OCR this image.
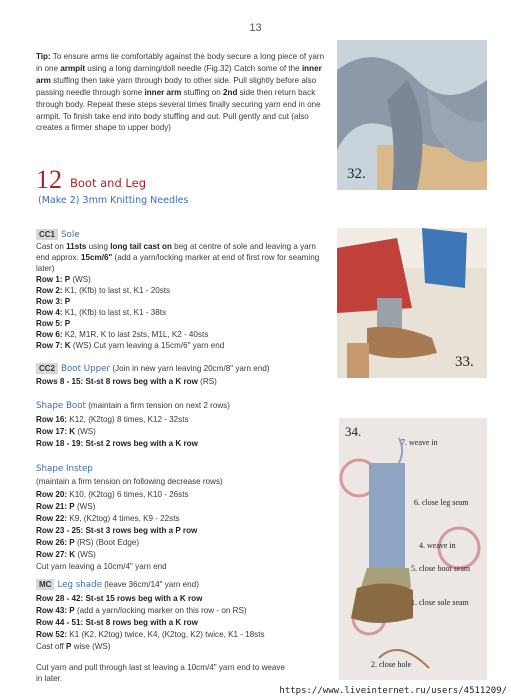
13
Tip: To ensure arms lie comfortably against the body secure a long piece of yarn in one armpit using a long darning/doll needle (Fig.32) Catch some of the inner arm stuffing then take yarn through body to other side. Pull slightly before also passing needle through some inner arm stuffing on 2nd side then return back through body. Repeat these steps several times finally securing yarn end in one armpit. To finish take end into body stuffing and out. Pull gently and cut (also creates a firmer shape to upper body)
32.
12 Boot and Leg
(Make 2) 3mm Knitting Needles
33.
CC1 Sole
Cast on 11sts using long tail cast on beg at centre of sole and leaving a yarn end approx. 15cm/6" (add a yarn/locking marker at end of first row for seaming later)
Row 1: P (WS)
Row 2: K1, (Kfb) to last st, K1 - 20sts
Row 3: P
Row 4: K1, (Kfb) to last st, K1 - 38ts
Row 5: P
Row 6: K2, M1R, K to last 2sts, M1L, K2 - 40sts
Row 7: K (WS) Cut yarn leaving a 15cm/6" yarn end
CC2 Boot Upper (Join in new yarn leaving 20cm/8" yarn end)
Rows 8 - 15: St-st 8 rows beg with a K row (RS)
Shape Boot (maintain a firm tension on next 2 rows)
Row 16: K12, (K2tog) 8 times, K12 - 32sts
Row 17: K (WS)
Row 18 - 19: St-st 2 rows beg with a K row
Shape Instep
(maintain a firm tension on following decrease rows)
Row 20: K10, (K2tog) 6 times, K10 - 26sts
Row 21: P (WS)
Row 22: K9, (K2tog) 4 times, K9 - 22sts
Row 23 - 25: St-st 3 rows beg with a P row
Row 26: P (RS) (Boot Edge)
Row 27: K (WS)
Cut yarn leaving a 10cm/4" yarn end
MC Leg shade (leave 36cm/14" yarn end)
Row 28 - 42: St-st 15 rows beg with a K row
Row 43: P (add a yarn/locking marker on this row - on RS)
Row 44 - 51: St-st 8 rows beg with a K row
Row 52: K1 (K2, K2tog) twice, K4, (K2tog, K2) twice, K1 - 18sts
Cast off P wise (WS)
Cut yarn and pull through last st leaving a 10cm/4" yarn end to weave in later.
34.
7. weave in
6. close leg seam
4. weave in
5. close boot seam
1. close sole seam
2. close hole
https://www.liveinternet.ru/users/4511209/
